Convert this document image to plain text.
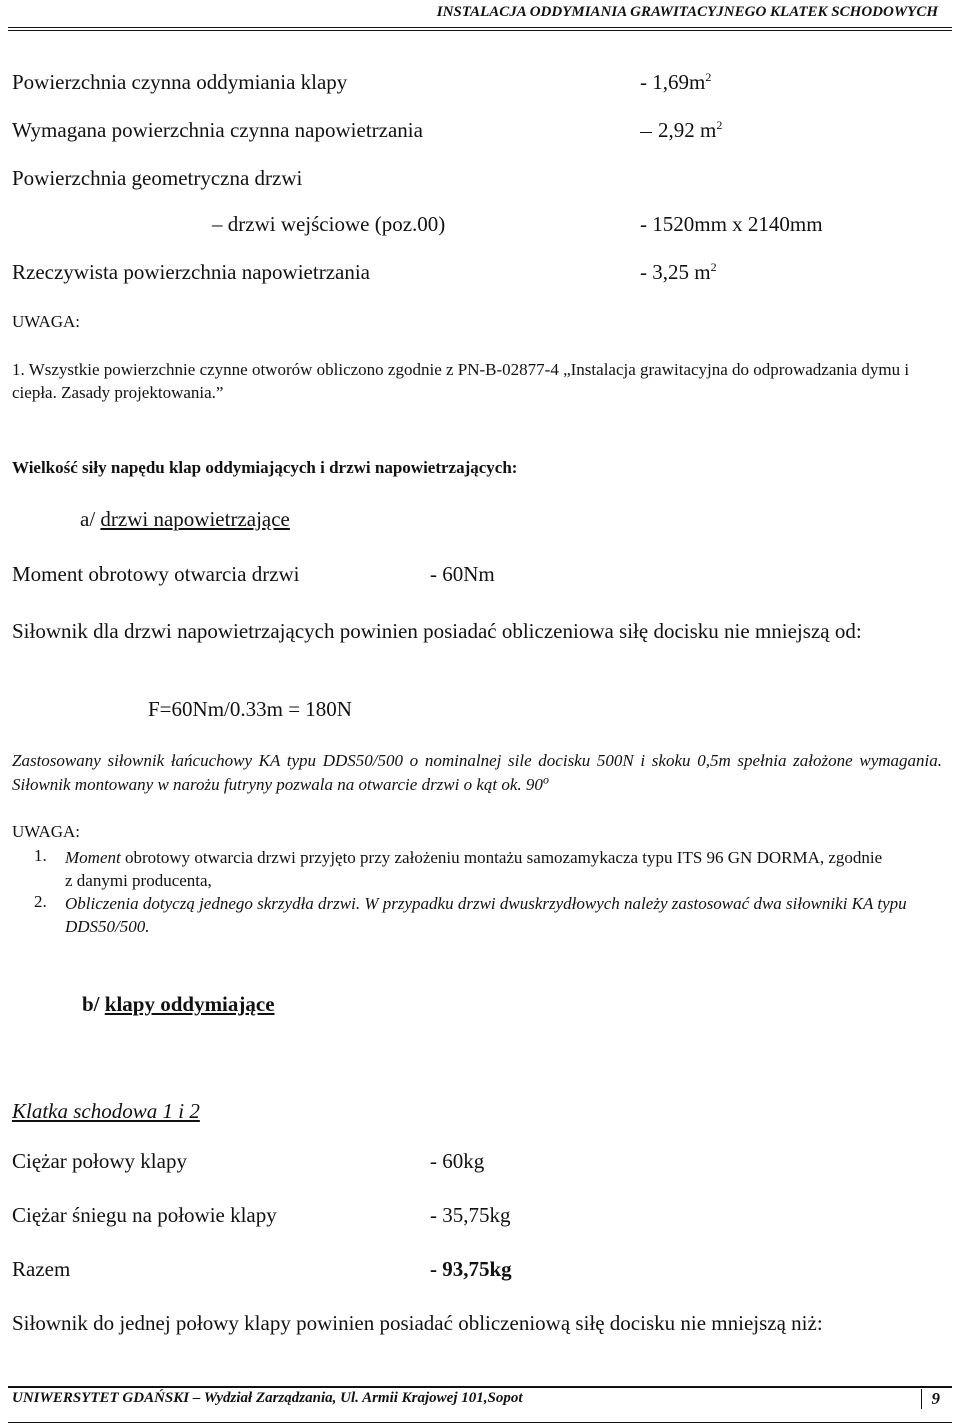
INSTALACJA ODDYMIANIA GRAWITACYJNEGO KLATEK SCHODOWYCH
Powierzchnia czynna oddymiania klapy	- $1,69m^2$
Wymagana powierzchnia czynna napowietrzania	2,92 $m^2$
Powierzchnia geometryczna drzwi
– drzwi wejściowe (poz.00)	- 1520mm x 2140mm
Rzeczywista powierzchnia napowietrzania	- 3,25 $m^2$
UWAGA:
1. Wszystkie powierzchnie czynne otworów obliczono zgodnie z PN-B-02877-4 „Instalacja grawitacyjna do odprowadzania dymu i ciepła. Zasady projektowania.”
Wielkość siły napędu klap oddymiających i drzwi napowietrzających:
a/ drzwi napowietrzające
Moment obrotowy otwarcia drzwi	- 60Nm
Siłownik dla drzwi napowietrzających powinien posiadać obliczeniowa siłę docisku nie mniejszą od:
F=60Nm/0.33m = 180N
Zastosowany siłownik łańcuchowy KA typu DDS50/500 o nominalnej sile docisku 500N i skoku 0,5m spełnia założone wymagania. Siłownik montowany w narożu futryny pozwala na otwarcie drzwi o kąt ok. 90$^o$
UWAGA:
1. Moment obrotowy otwarcia drzwi przyjęto przy założeniu montażu samozamykacza typu ITS 96 GN DORMA, zgodnie z danymi producenta,
2. Obliczenia dotyczą jednego skrzydła drzwi. W przypadku drzwi dwuskrzydłowych należy zastosować dwa siłowniki KA typu DDS50/500.
b/ klapy oddymiające
Klatka schodowa 1 i 2
Ciężar połowy klapy	- 60kg
Ciężar śniegu na połowie klapy	- 35,75kg
Razem	- 93,75kg
Siłownik do jednej połowy klapy powinien posiadać obliczeniową siłę docisku nie mniejszą niż:
UNIWERSYTET GDAŃSKI – Wydział Zarządzania, Ul. Armii Krajowej 101,Sopot	9
